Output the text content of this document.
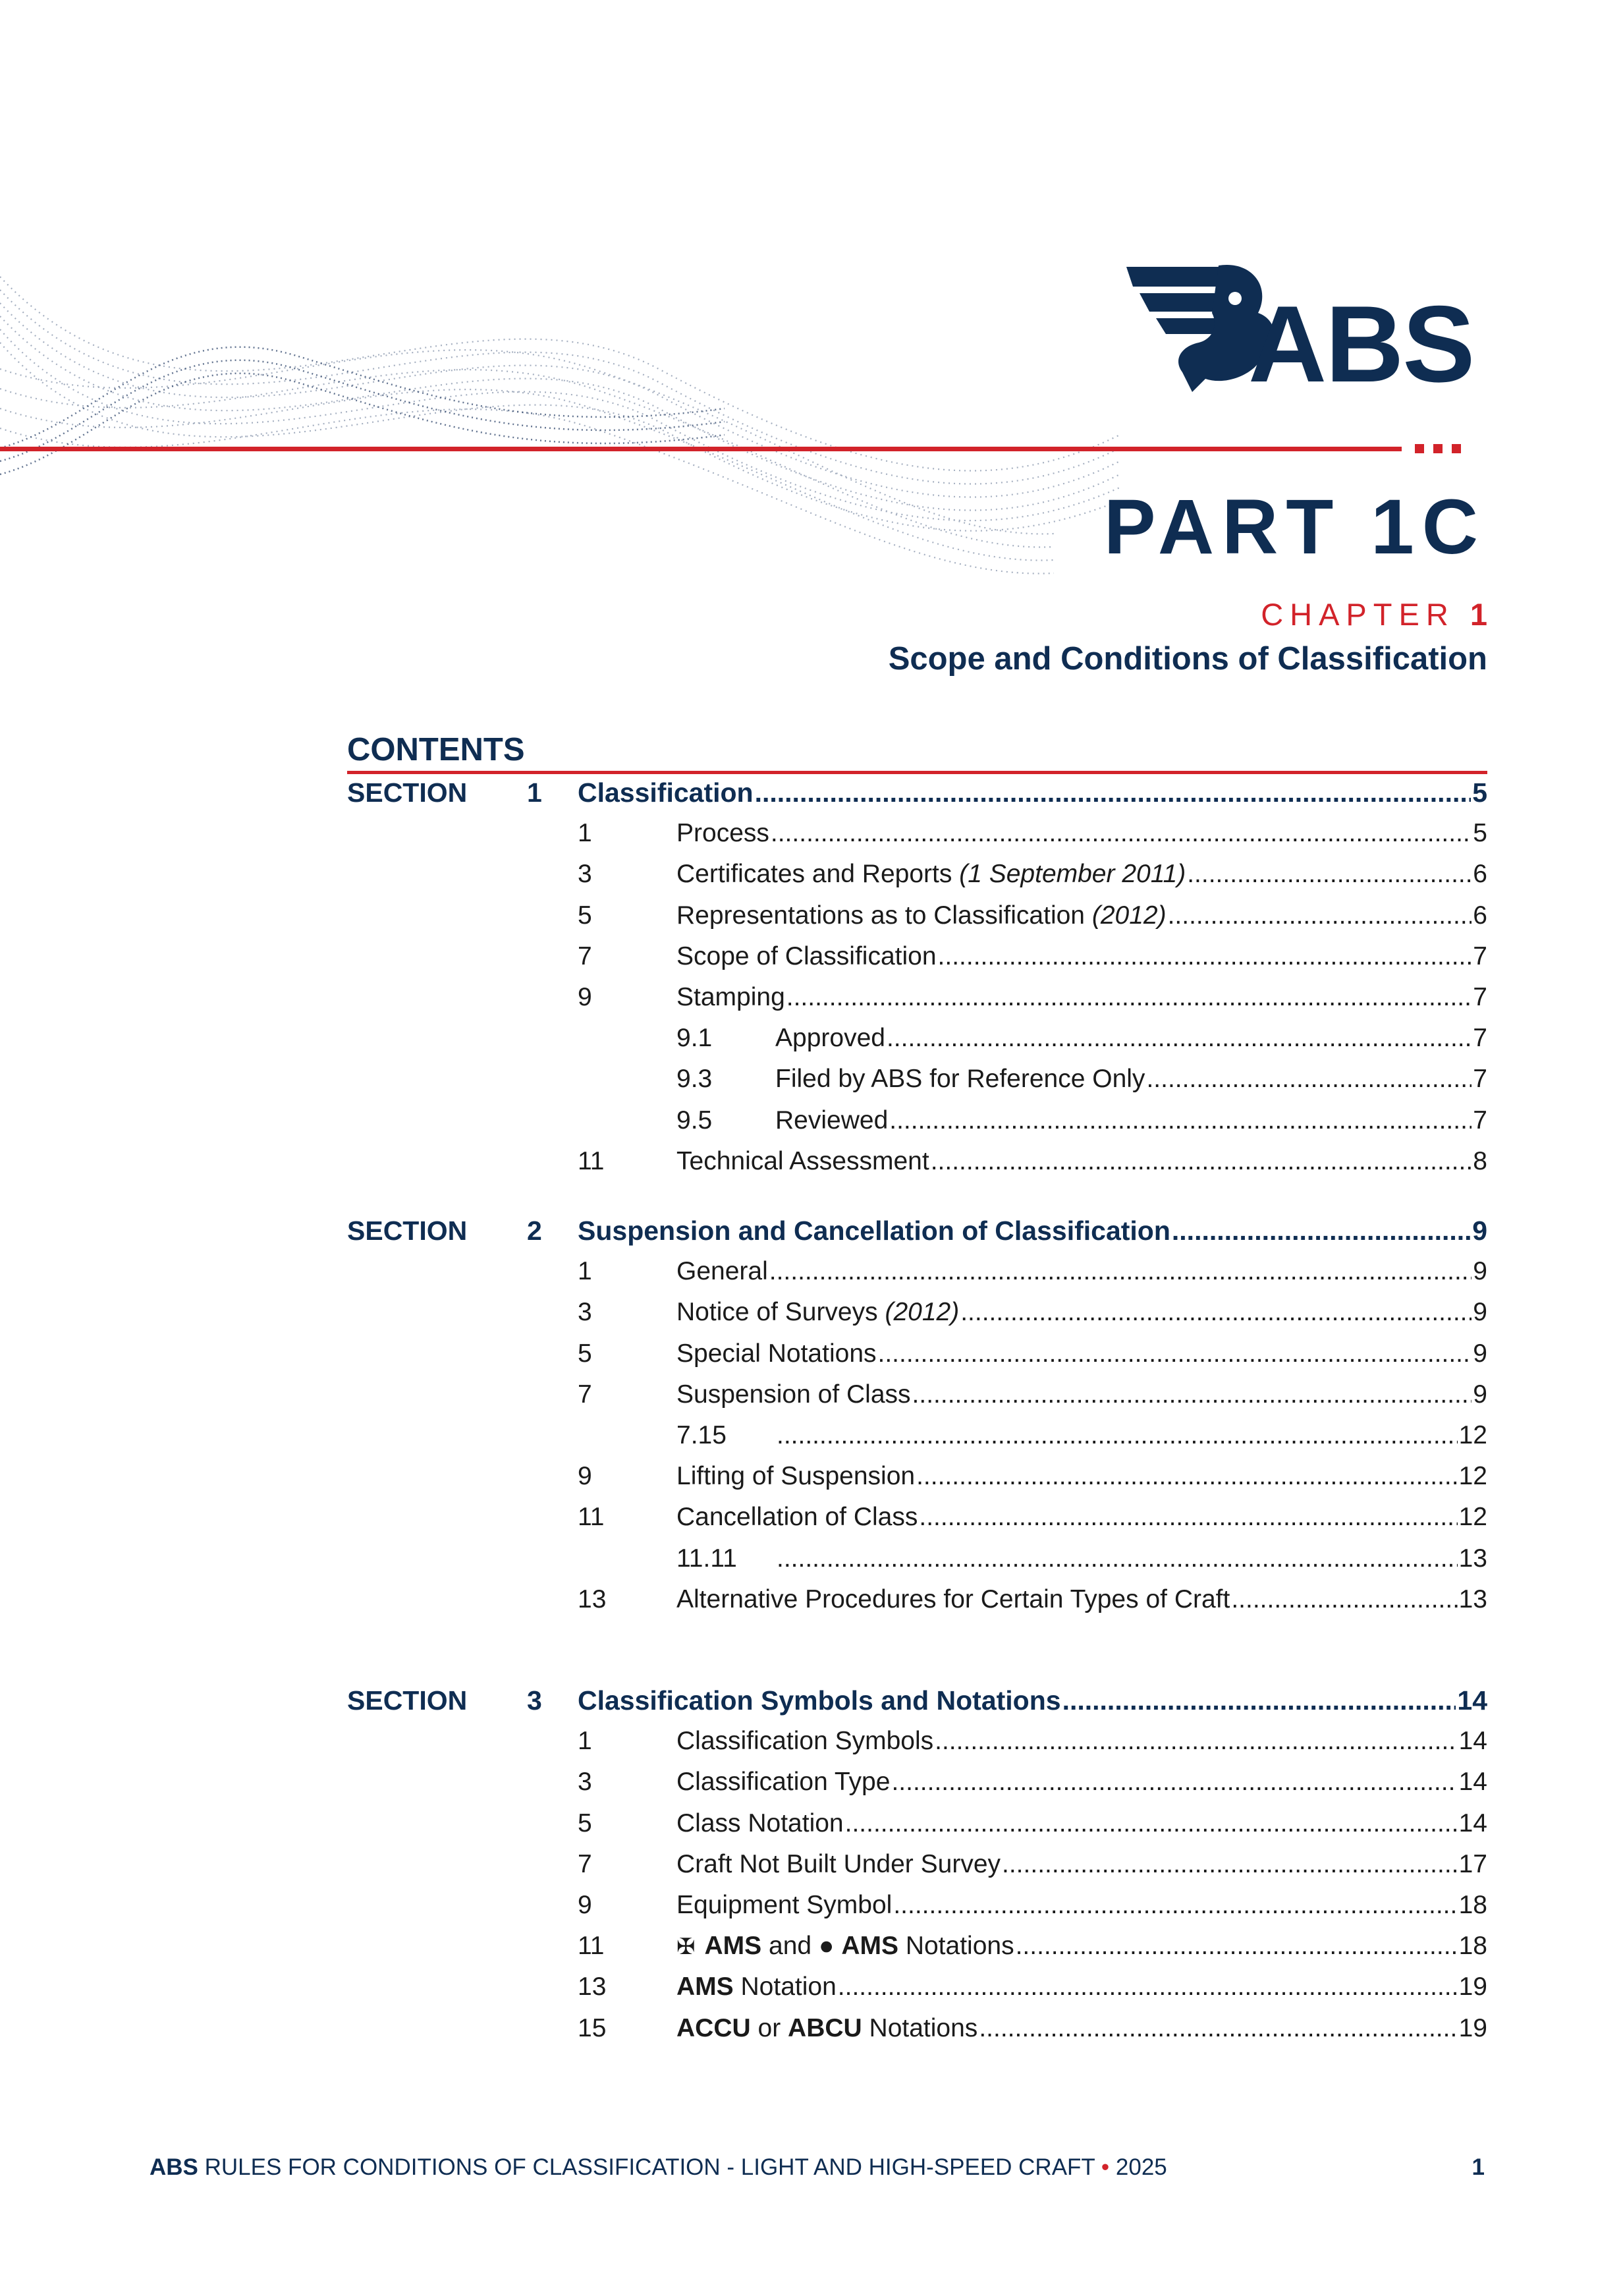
ABS
PART 1C
CHAPTER 1
Scope and Conditions of Classification
CONTENTS
SECTION 1 Classification .....	5
1	Process .....	5
3	Certificates and Reports (1 September 2011) .....	6
5	Representations as to Classification (2012) .....	6
7	Scope of Classification .....	7
9	Stamping .....	7
9.1 Approved .....	7
9.3 Filed by ABS for Reference Only .....	7
9.5 Reviewed .....	7
11	Technical Assessment .....	8
SECTION 2 Suspension and Cancellation of Classification .....	9
1	General .....	9
3	Notice of Surveys (2012) .....	9
5	Special Notations .....	9
7	Suspension of Class .....	9
7.15 .....	12
9	Lifting of Suspension .....	12
11	Cancellation of Class .....	12
11.11 .....	13
13	Alternative Procedures for Certain Types of Craft .....	13
SECTION 3 Classification Symbols and Notations .....	14
1	Classification Symbols .....	14
3	Classification Type .....	14
5	Class Notation .....	14
7	Craft Not Built Under Survey .....	17
9	Equipment Symbol .....	18
11	✠ AMS and ● AMS Notations .....	18
13	AMS Notation .....	19
15	ACCU or ABCU Notations .....	19
ABS RULES FOR CONDITIONS OF CLASSIFICATION - LIGHT AND HIGH-SPEED CRAFT • 2025	1
